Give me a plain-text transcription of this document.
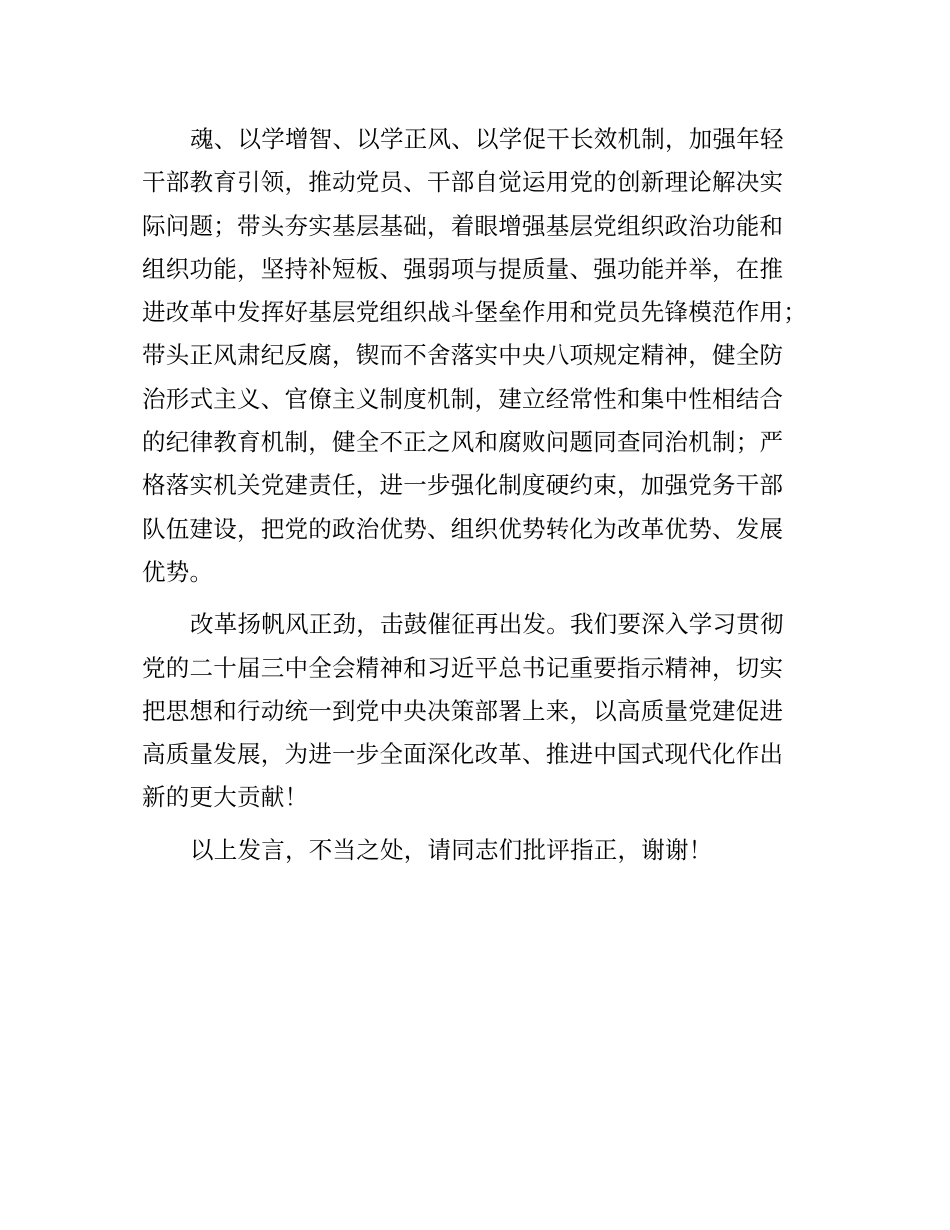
魂、以学增智、以学正风、以学促干长效机制，加强年轻
干部教育引领，推动党员、干部自觉运用党的创新理论解决实
际问题；带头夯实基层基础，着眼增强基层党组织政治功能和
组织功能，坚持补短板、强弱项与提质量、强功能并举，在推
进改革中发挥好基层党组织战斗堡垒作用和党员先锋模范作用；
带头正风肃纪反腐，锲而不舍落实中央八项规定精神，健全防
治形式主义、官僚主义制度机制，建立经常性和集中性相结合
的纪律教育机制，健全不正之风和腐败问题同查同治机制；严
格落实机关党建责任，进一步强化制度硬约束，加强党务干部
队伍建设，把党的政治优势、组织优势转化为改革优势、发展
优势。
改革扬帆风正劲，击鼓催征再出发。我们要深入学习贯彻
党的二十届三中全会精神和习近平总书记重要指示精神，切实
把思想和行动统一到党中央决策部署上来，以高质量党建促进
高质量发展，为进一步全面深化改革、推进中国式现代化作出
新的更大贡献！
以上发言，不当之处，请同志们批评指正，谢谢！
